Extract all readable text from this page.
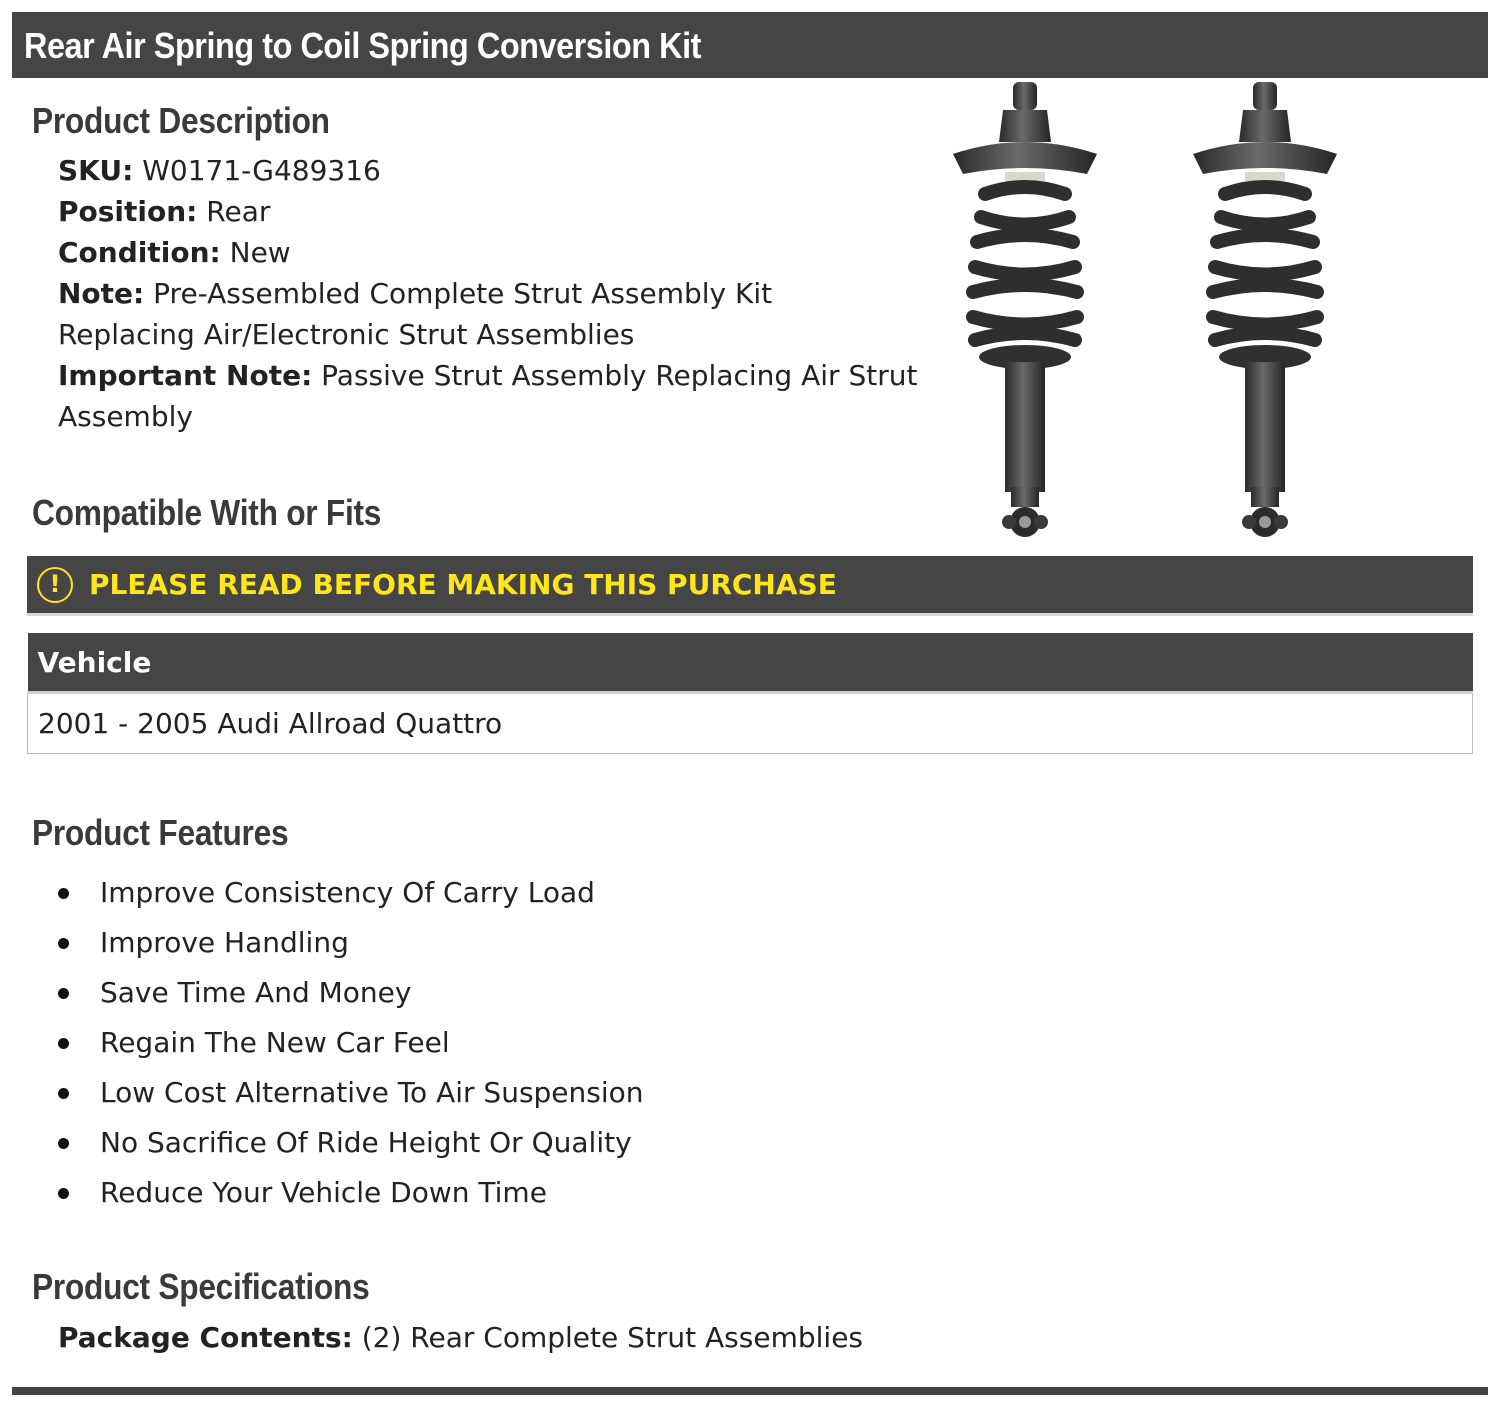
Rear Air Spring to Coil Spring Conversion Kit
Product Description
SKU: W0171-G489316
Position: Rear
Condition: New
Note: Pre-Assembled Complete Strut Assembly Kit Replacing Air/Electronic Strut Assemblies
Important Note: Passive Strut Assembly Replacing Air Strut Assembly
Compatible With or Fits
!	PLEASE READ BEFORE MAKING THIS PURCHASE
Vehicle
2001 - 2005 Audi Allroad Quattro
Product Features
Improve Consistency Of Carry Load
Improve Handling
Save Time And Money
Regain The New Car Feel
Low Cost Alternative To Air Suspension
No Sacrifice Of Ride Height Or Quality
Reduce Your Vehicle Down Time
Product Specifications
Package Contents: (2) Rear Complete Strut Assemblies
